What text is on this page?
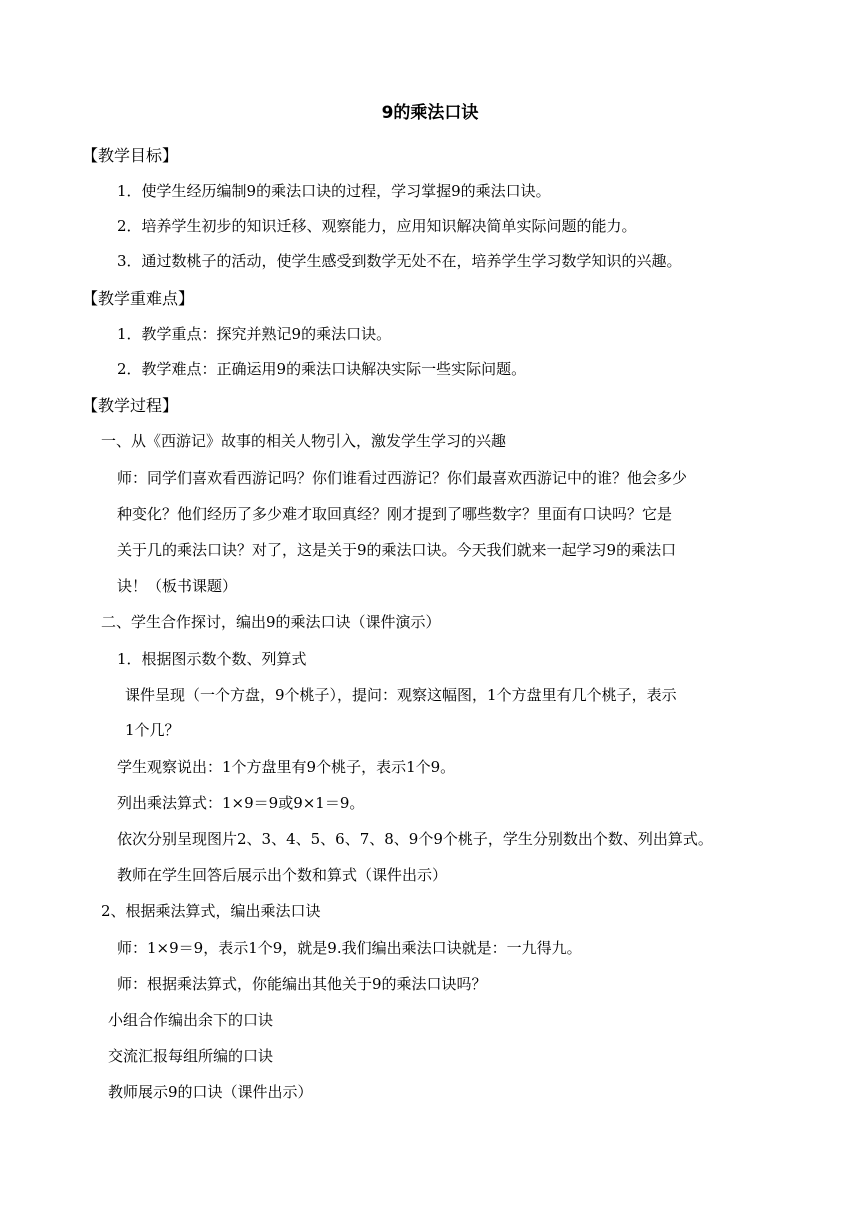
9的乘法口诀
【教学目标】
1．使学生经历编制9的乘法口诀的过程，学习掌握9的乘法口诀。
2．培养学生初步的知识迁移、观察能力，应用知识解决简单实际问题的能力。
3．通过数桃子的活动，使学生感受到数学无处不在，培养学生学习数学知识的兴趣。
【教学重难点】
1．教学重点：探究并熟记9的乘法口诀。
2．教学难点：正确运用9的乘法口诀解决实际一些实际问题。
【教学过程】
一、从《西游记》故事的相关人物引入，激发学生学习的兴趣
师：同学们喜欢看西游记吗？你们谁看过西游记？你们最喜欢西游记中的谁？他会多少
种变化？他们经历了多少难才取回真经？刚才提到了哪些数字？里面有口诀吗？它是
关于几的乘法口诀？对了，这是关于9的乘法口诀。今天我们就来一起学习9的乘法口
诀！（板书课题）
二、学生合作探讨，编出9的乘法口诀（课件演示）
1．根据图示数个数、列算式
课件呈现（一个方盘，9个桃子），提问：观察这幅图，1个方盘里有几个桃子，表示
1个几？
学生观察说出：1个方盘里有9个桃子，表示1个9。
列出乘法算式：1×9＝9或9×1＝9。
依次分别呈现图片2、3、4、5、6、7、8、9个9个桃子，学生分别数出个数、列出算式。
教师在学生回答后展示出个数和算式（课件出示）
2、根据乘法算式，编出乘法口诀
师：1×9＝9，表示1个9，就是9.我们编出乘法口诀就是：一九得九。
师：根据乘法算式，你能编出其他关于9的乘法口诀吗？
小组合作编出余下的口诀
交流汇报每组所编的口诀
教师展示9的口诀（课件出示）
